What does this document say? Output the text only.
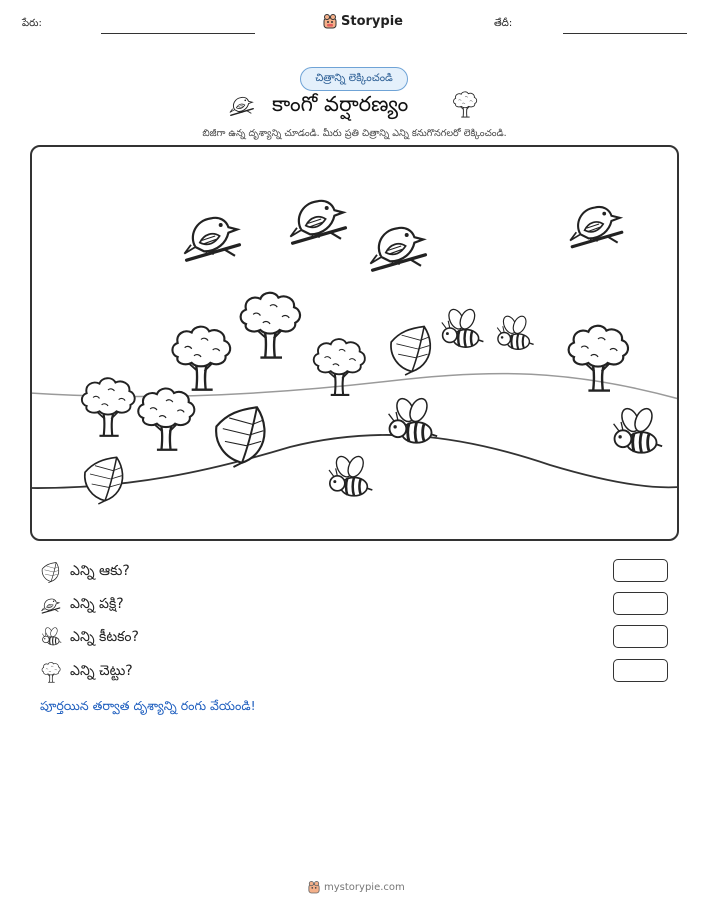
పేరు:	Storypie	తేదీ:
చిత్రాన్ని లెక్కించండి
కాంగో వర్షారణ్యం
బిజీగా ఉన్న దృశ్యాన్ని చూడండి. మీరు ప్రతి చిత్రాన్ని ఎన్ని కనుగొనగలరో లెక్కించండి.
ఎన్ని ఆకు?
ఎన్ని పక్షి?
ఎన్ని కీటకం?
ఎన్ని చెట్టు?
పూర్తయిన తర్వాత దృశ్యాన్ని రంగు వేయండి!
mystorypie.com
